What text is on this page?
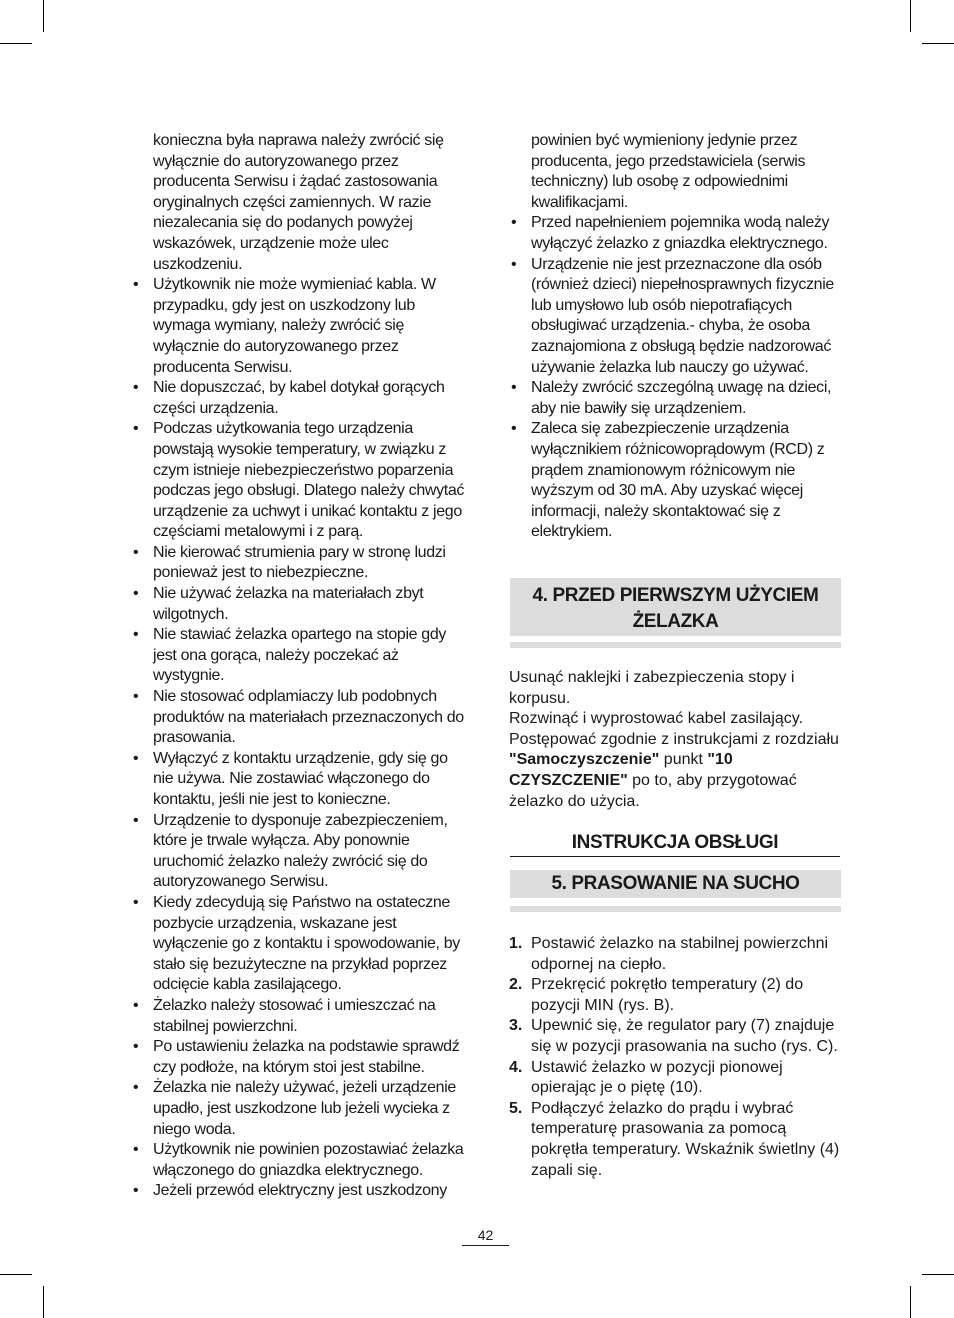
konieczna była naprawa należy zwrócić się wyłącznie do autoryzowanego przez producenta Serwisu i żądać zastosowania oryginalnych części zamiennych. W razie niezalecania się do podanych powyżej wskazówek, urządzenie może ulec uszkodzeniu.

• Użytkownik nie może wymieniać kabla. W przypadku, gdy jest on uszkodzony lub wymaga wymiany, należy zwrócić się wyłącznie do autoryzowanego przez producenta Serwisu.
• Nie dopuszczać, by kabel dotykał gorących części urządzenia.
• Podczas użytkowania tego urządzenia powstają wysokie temperatury, w związku z czym istnieje niebezpieczeństwo poparzenia podczas jego obsługi. Dlatego należy chwytać urządzenie za uchwyt i unikać kontaktu z jego częściami metalowymi i z parą.
• Nie kierować strumienia pary w stronę ludzi ponieważ jest to niebezpieczne.
• Nie używać żelazka na materiałach zbyt wilgotnych.
• Nie stawiać żelazka opartego na stopie gdy jest ona gorąca, należy poczekać aż wystygnie.
• Nie stosować odplamiaczy lub podobnych produktów na materiałach przeznaczonych do prasowania.
• Wyłączyć z kontaktu urządzenie, gdy się go nie używa. Nie zostawiać włączonego do kontaktu, jeśli nie jest to konieczne.
• Urządzenie to dysponuje zabezpieczeniem, które je trwale wyłącza. Aby ponownie uruchomić żelazko należy zwrócić się do autoryzowanego Serwisu.
• Kiedy zdecydują się Państwo na ostateczne pozbycie urządzenia, wskazane jest wyłączenie go z kontaktu i spowodowanie, by stało się bezużyteczne na przykład poprzez odcięcie kabla zasilającego.
• Żelazko należy stosować i umieszczać na stabilnej powierzchni.
• Po ustawieniu żelazka na podstawie sprawdź czy podłoże, na którym stoi jest stabilne.
• Żelazka nie należy używać, jeżeli urządzenie upadło, jest uszkodzone lub jeżeli wycieka z niego woda.
• Użytkownik nie powinien pozostawiać żelazka włączonego do gniazdka elektrycznego.
• Jeżeli przewód elektryczny jest uszkodzony

powinien być wymieniony jedynie przez producenta, jego przedstawiciela (serwis techniczny) lub osobę z odpowiednimi kwalifikacjami.

• Przed napełnieniem pojemnika wodą należy wyłączyć żelazko z gniazdka elektrycznego.
• Urządzenie nie jest przeznaczone dla osób (również dzieci) niepełnosprawnych fizycznie lub umysłowo lub osób niepotrafiących obsługiwać urządzenia.- chyba, że osoba zaznajomiona z obsługą będzie nadzorować używanie żelazka lub nauczy go używać.
• Należy zwrócić szczególną uwagę na dzieci, aby nie bawiły się urządzeniem.
• Zaleca się zabezpieczenie urządzenia wyłącznikiem różnicowoprądowym (RCD) z prądem znamionowym różnicowym nie wyższym od 30 mA. Aby uzyskać więcej informacji, należy skontaktować się z elektrykiem.
4. PRZED PIERWSZYM UŻYCIEM
ŻELAZKA
Usunąć naklejki i zabezpieczenia stopy i korpusu.
Rozwinąć i wyprostować kabel zasilający.
Postępować zgodnie z instrukcjami z rozdziału "Samoczyszczenie" punkt "10 CZYSZCZENIE" po to, aby przygotować żelazko do użycia.
INSTRUKCJA OBSŁUGI
5. PRASOWANIE NA SUCHO
1. Postawić żelazko na stabilnej powierzchni odpornej na ciepło.
2. Przekręcić pokrętło temperatury (2) do pozycji MIN (rys. B).
3. Upewnić się, że regulator pary (7) znajduje się w pozycji prasowania na sucho (rys. C).
4. Ustawić żelazko w pozycji pionowej opierając je o piętę (10).
5. Podłączyć żelazko do prądu i wybrać temperaturę prasowania za pomocą pokrętła temperatury. Wskaźnik świetlny (4) zapali się.
42
